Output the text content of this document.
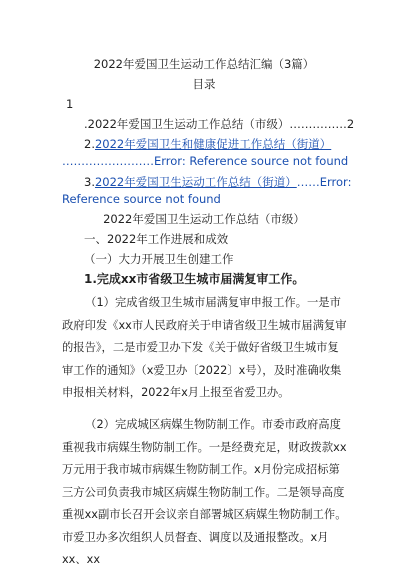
2022年爱国卫生运动工作总结汇编（3篇）
目录
1
.2022年爱国卫生运动工作总结（市级）……………2
2.2022年爱国卫生和健康促进工作总结（街道）
……………………Error: Reference source not found
3.2022年爱国卫生运动工作总结（街道）……Error:
Reference source not found
2022年爱国卫生运动工作总结（市级）
一、2022年工作进展和成效
（一）大力开展卫生创建工作
1.完成xx市省级卫生城市届满复审工作。
（1）完成省级卫生城市届满复审申报工作。一是市政府印发《xx市人民政府关于申请省级卫生城市届满复审的报告》，二是市爱卫办下发《关于做好省级卫生城市复审工作的通知》（x爱卫办〔2022〕x号），及时准确收集申报相关材料，2022年x月上报至省爱卫办。
（2）完成城区病媒生物防制工作。市委市政府高度重视我市病媒生物防制工作。一是经费充足，财政拨款xx万元用于我市城市病媒生物防制工作。x月份完成招标第三方公司负责我市城区病媒生物防制工作。二是领导高度重视xx副市长召开会议亲自部署城区病媒生物防制工作。市爱卫办多次组织人员督查、调度以及通报整改。x月xx、xx
